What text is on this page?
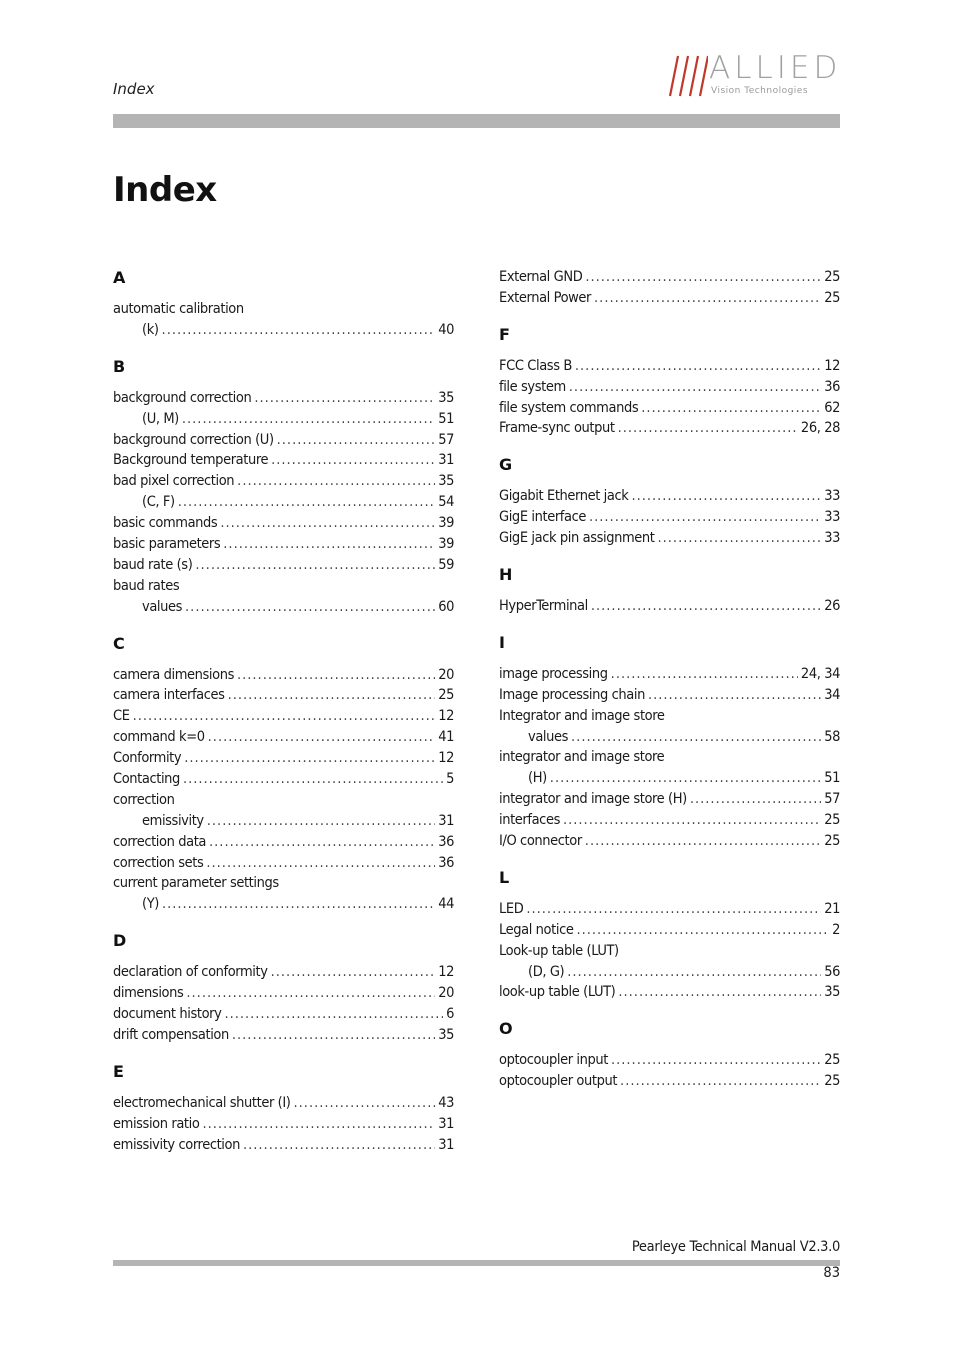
Index
ALLIED
Vision Technologies
Index
A
automatic calibration
(k) .....	40
B
background correction .....	35
(U, M) .....	51
background correction (U) .....	57
Background temperature .....	31
bad pixel correction .....	35
(C, F) .....	54
basic commands .....	39
basic parameters .....	39
baud rate (s) .....	59
baud rates
values .....	60
C
camera dimensions .....	20
camera interfaces .....	25
CE .....	12
command k=0 .....	41
Conformity .....	12
Contacting .....	5
correction
emissivity .....	31
correction data .....	36
correction sets .....	36
current parameter settings
(Y) .....	44
D
declaration of conformity .....	12
dimensions .....	20
document history .....	6
drift compensation .....	35
E
electromechanical shutter (I) .....	43
emission ratio .....	31
emissivity correction .....	31
External GND .....	25
External Power .....	25
F
FCC Class B .....	12
file system .....	36
file system commands .....	62
Frame-sync output .....	26, 28
G
Gigabit Ethernet jack .....	33
GigE interface .....	33
GigE jack pin assignment .....	33
H
HyperTerminal .....	26
I
image processing .....	24, 34
Image processing chain .....	34
Integrator and image store
values .....	58
integrator and image store
(H) .....	51
integrator and image store (H) .....	57
interfaces .....	25
I/O connector .....	25
L
LED .....	21
Legal notice .....	2
Look-up table (LUT)
(D, G) .....	56
look-up table (LUT) .....	35
O
optocoupler input .....	25
optocoupler output .....	25
Pearleye Technical Manual V2.3.0
83
